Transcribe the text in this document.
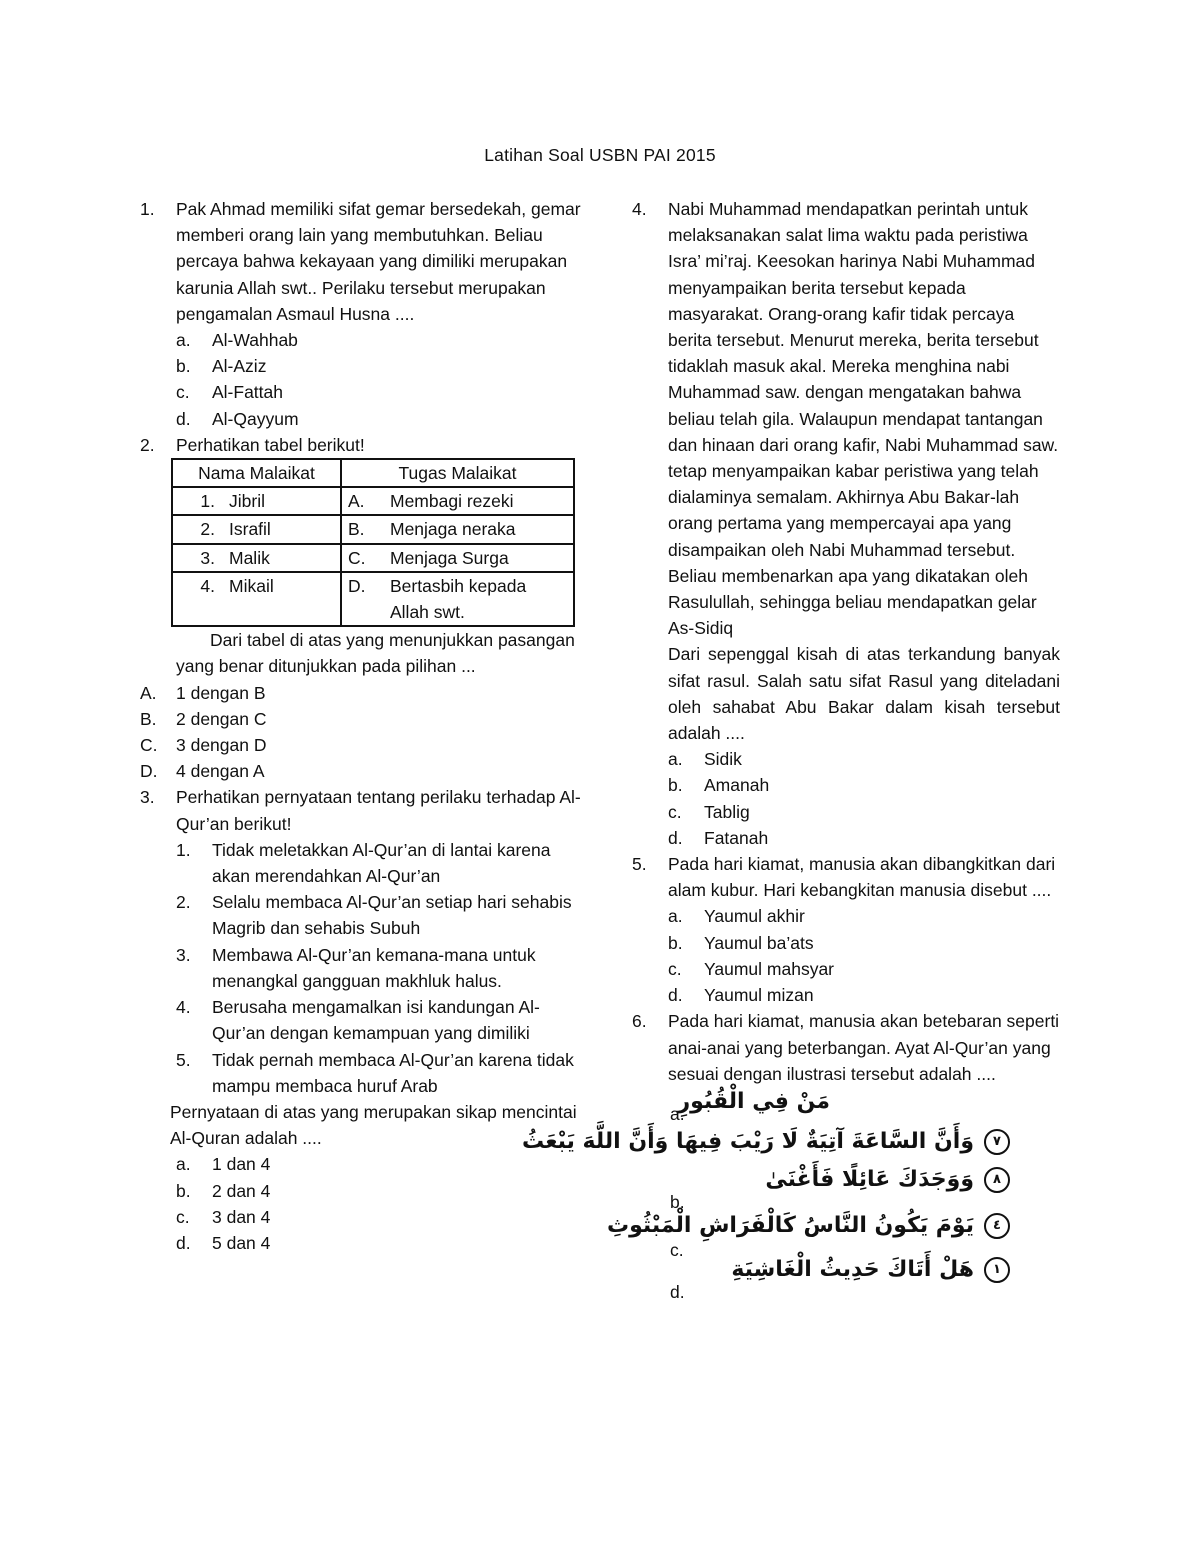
Latihan Soal USBN PAI 2015
1. Pak Ahmad memiliki sifat gemar bersedekah, gemar memberi orang lain yang membutuhkan. Beliau percaya bahwa kekayaan yang dimiliki merupakan karunia Allah swt.. Perilaku tersebut merupakan pengamalan Asmaul Husna ....
a. Al-Wahhab
b. Al-Aziz
c. Al-Fattah
d. Al-Qayyum
2. Perhatikan tabel berikut!
Nama Malaikat	Tugas Malaikat
1. Jibril	A. Membagi rezeki
2. Israfil	B. Menjaga neraka
3. Malik	C. Menjaga Surga
4. Mikail	D. Bertasbih kepada Allah swt.
Dari tabel di atas yang menunjukkan pasangan yang benar ditunjukkan pada pilihan ...
A. 1 dengan B
B. 2 dengan C
C. 3 dengan D
D. 4 dengan A
3. Perhatikan pernyataan tentang perilaku terhadap Al-Qur’an berikut!
1. Tidak meletakkan Al-Qur’an di lantai karena akan merendahkan Al-Qur’an
2. Selalu membaca Al-Qur’an setiap hari sehabis Magrib dan sehabis Subuh
3. Membawa Al-Qur’an kemana-mana untuk menangkal gangguan makhluk halus.
4. Berusaha mengamalkan isi kandungan Al-Qur’an dengan kemampuan yang dimiliki
5. Tidak pernah membaca Al-Qur’an karena tidak mampu membaca huruf Arab
Pernyataan di atas yang merupakan sikap mencintai Al-Quran adalah ....
a. 1 dan 4
b. 2 dan 4
c. 3 dan 4
d. 5 dan 4
4. Nabi Muhammad mendapatkan perintah untuk melaksanakan salat lima waktu pada peristiwa Isra’ mi’raj. Keesokan harinya Nabi Muhammad menyampaikan berita tersebut kepada masyarakat. Orang-orang kafir tidak percaya berita tersebut. Menurut mereka, berita tersebut tidaklah masuk akal. Mereka menghina nabi Muhammad saw. dengan mengatakan bahwa beliau telah gila. Walaupun mendapat tantangan dan hinaan dari orang kafir, Nabi Muhammad saw. tetap menyampaikan kabar peristiwa yang telah dialaminya semalam. Akhirnya Abu Bakar-lah orang pertama yang mempercayai apa yang disampaikan oleh Nabi Muhammad tersebut. Beliau membenarkan apa yang dikatakan oleh Rasulullah, sehingga beliau mendapatkan gelar As-Sidiq
Dari sepenggal kisah di atas terkandung banyak sifat rasul. Salah satu sifat Rasul yang diteladani oleh sahabat Abu Bakar dalam kisah tersebut adalah ....
a. Sidik
b. Amanah
c. Tablig
d. Fatanah
5. Pada hari kiamat, manusia akan dibangkitkan dari alam kubur. Hari kebangkitan manusia disebut ....
a. Yaumul akhir
b. Yaumul ba’ats
c. Yaumul mahsyar
d. Yaumul mizan
6. Pada hari kiamat, manusia akan betebaran seperti anai-anai yang beterbangan. Ayat Al-Qur’an yang sesuai dengan ilustrasi tersebut adalah ....
a.
مَنْ فِي الْقُبُورِ
٧وَأَنَّ السَّاعَةَ آتِيَةٌ لَا رَيْبَ فِيهَا وَأَنَّ اللَّهَ يَبْعَثُ
٨وَوَجَدَكَ عَائِلًا فَأَغْنَىٰ
b.
٤يَوْمَ يَكُونُ النَّاسُ كَالْفَرَاشِ الْمَبْثُوثِ
c.
١هَلْ أَتَاكَ حَدِيثُ الْغَاشِيَةِ
d.
